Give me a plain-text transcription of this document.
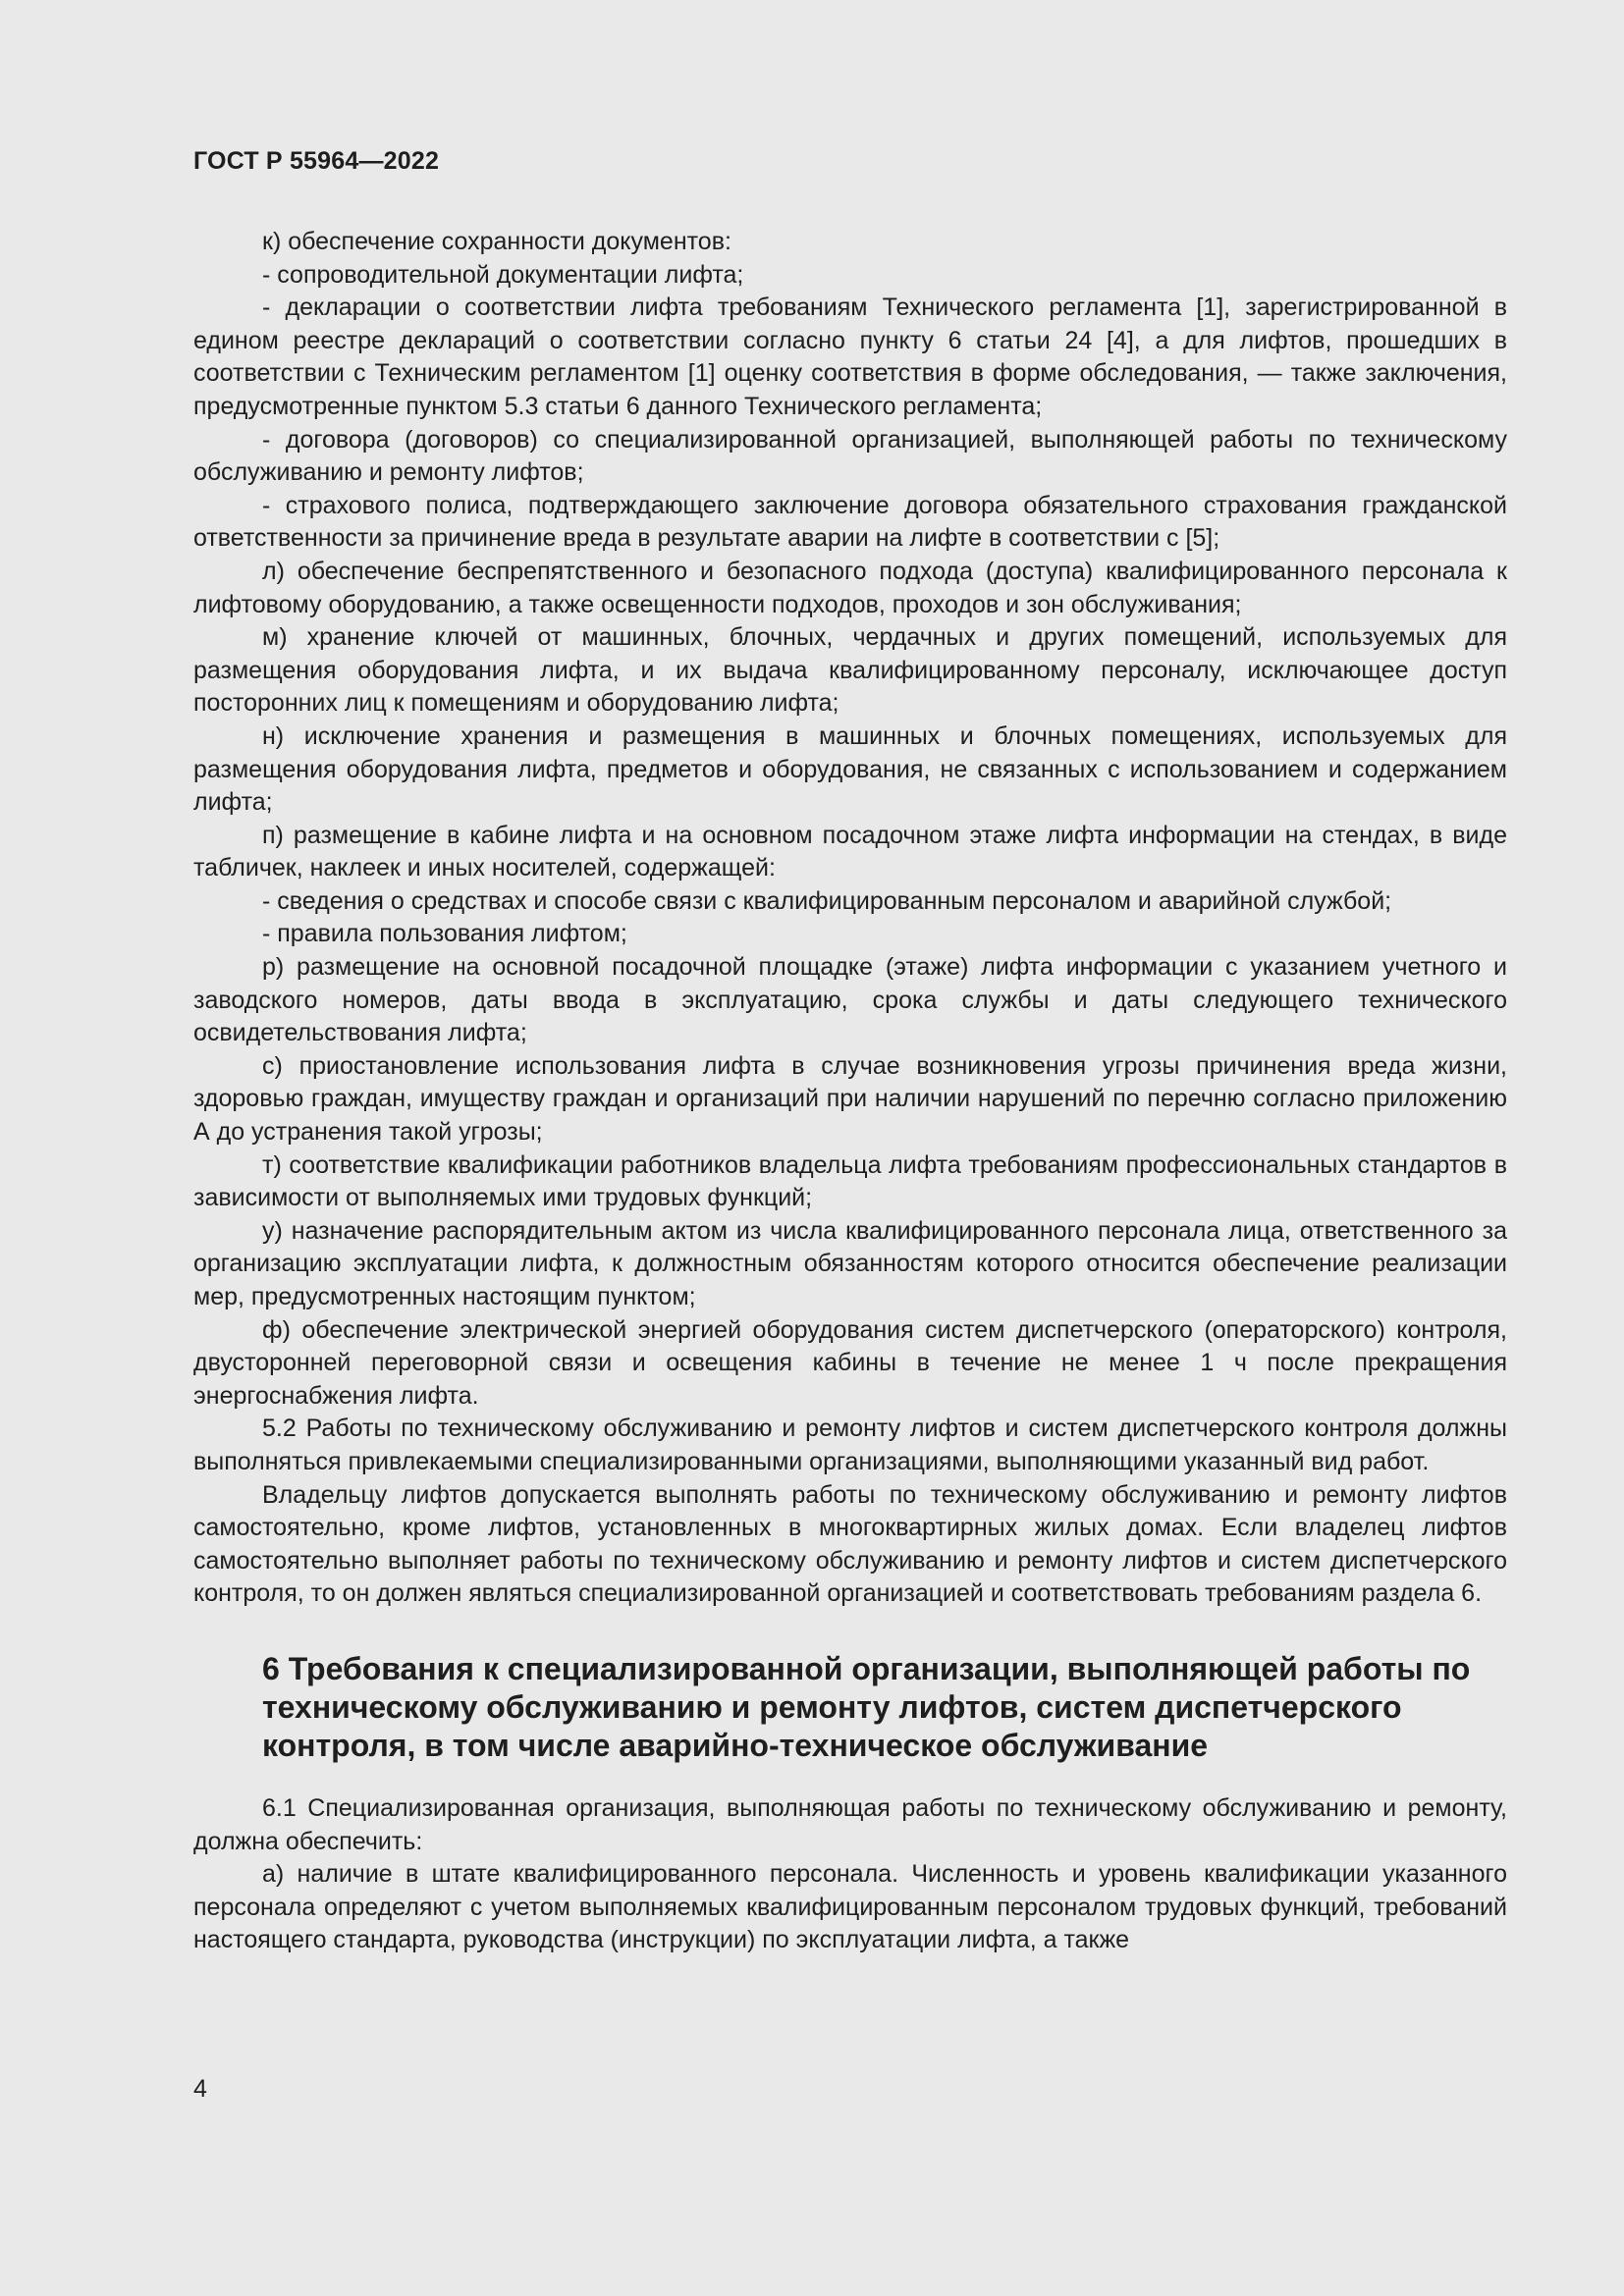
ГОСТ Р 55964—2022

к) обеспечение сохранности документов:

- сопроводительной документации лифта;

- декларации о соответствии лифта требованиям Технического регламента [1], зарегистрированной в едином реестре деклараций о соответствии согласно пункту 6 статьи 24 [4], а для лифтов, прошедших в соответствии с Техническим регламентом [1] оценку соответствия в форме обследования, — также заключения, предусмотренные пунктом 5.3 статьи 6 данного Технического регламента;

- договора (договоров) со специализированной организацией, выполняющей работы по техническому обслуживанию и ремонту лифтов;

- страхового полиса, подтверждающего заключение договора обязательного страхования гражданской ответственности за причинение вреда в результате аварии на лифте в соответствии с [5];

л) обеспечение беспрепятственного и безопасного подхода (доступа) квалифицированного персонала к лифтовому оборудованию, а также освещенности подходов, проходов и зон обслуживания;

м) хранение ключей от машинных, блочных, чердачных и других помещений, используемых для размещения оборудования лифта, и их выдача квалифицированному персоналу, исключающее доступ посторонних лиц к помещениям и оборудованию лифта;

н) исключение хранения и размещения в машинных и блочных помещениях, используемых для размещения оборудования лифта, предметов и оборудования, не связанных с использованием и содержанием лифта;

п) размещение в кабине лифта и на основном посадочном этаже лифта информации на стендах, в виде табличек, наклеек и иных носителей, содержащей:

- сведения о средствах и способе связи с квалифицированным персоналом и аварийной службой;

- правила пользования лифтом;

р) размещение на основной посадочной площадке (этаже) лифта информации с указанием учетного и заводского номеров, даты ввода в эксплуатацию, срока службы и даты следующего технического освидетельствования лифта;

с) приостановление использования лифта в случае возникновения угрозы причинения вреда жизни, здоровью граждан, имуществу граждан и организаций при наличии нарушений по перечню согласно приложению А до устранения такой угрозы;

т) соответствие квалификации работников владельца лифта требованиям профессиональных стандартов в зависимости от выполняемых ими трудовых функций;

у) назначение распорядительным актом из числа квалифицированного персонала лица, ответственного за организацию эксплуатации лифта, к должностным обязанностям которого относится обеспечение реализации мер, предусмотренных настоящим пунктом;

ф) обеспечение электрической энергией оборудования систем диспетчерского (операторского) контроля, двусторонней переговорной связи и освещения кабины в течение не менее 1 ч после прекращения энергоснабжения лифта.

5.2 Работы по техническому обслуживанию и ремонту лифтов и систем диспетчерского контроля должны выполняться привлекаемыми специализированными организациями, выполняющими указанный вид работ.

Владельцу лифтов допускается выполнять работы по техническому обслуживанию и ремонту лифтов самостоятельно, кроме лифтов, установленных в многоквартирных жилых домах. Если владелец лифтов самостоятельно выполняет работы по техническому обслуживанию и ремонту лифтов и систем диспетчерского контроля, то он должен являться специализированной организацией и соответствовать требованиям раздела 6.

6 Требования к специализированной организации, выполняющей работы по техническому обслуживанию и ремонту лифтов, систем диспетчерского контроля, в том числе аварийно-техническое обслуживание

6.1 Специализированная организация, выполняющая работы по техническому обслуживанию и ремонту, должна обеспечить:

а) наличие в штате квалифицированного персонала. Численность и уровень квалификации указанного персонала определяют с учетом выполняемых квалифицированным персоналом трудовых функций, требований настоящего стандарта, руководства (инструкции) по эксплуатации лифта, а также

4
